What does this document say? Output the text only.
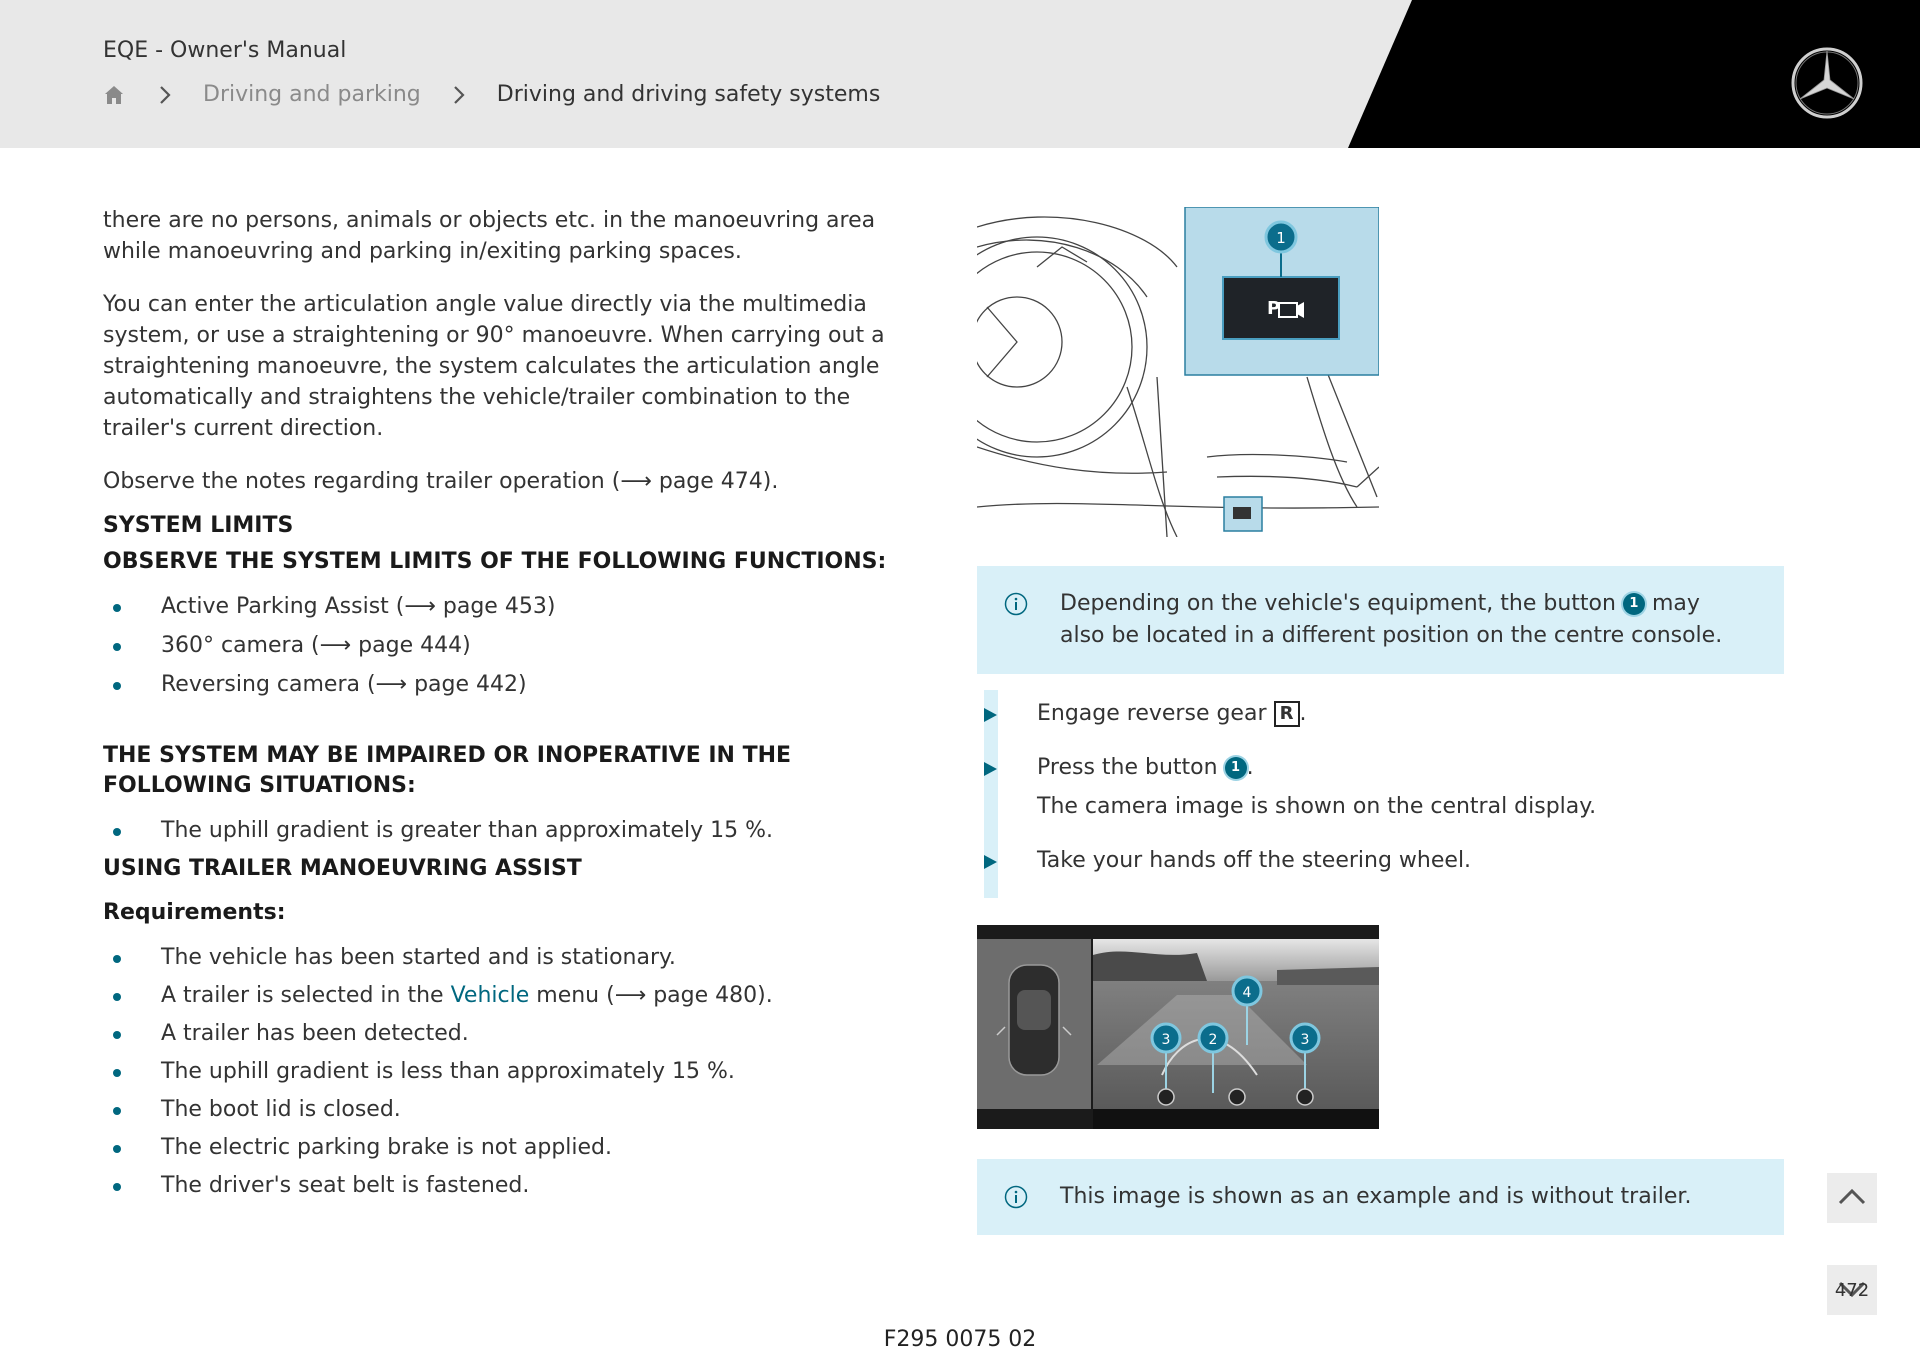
EQE - Owner's Manual
Driving and parking	Driving and driving safety systems

there are no persons, animals or objects etc. in the manoeuvring area while manoeuvring and parking in/exiting parking spaces.

You can enter the articulation angle value directly via the multimedia system, or use a straightening or 90° manoeuvre. When carrying out a straightening manoeuvre, the system calculates the articulation angle automatically and straightens the vehicle/trailer combination to the trailer's current direction.

Observe the notes regarding trailer operation (⟶ page 474).

SYSTEM LIMITS
OBSERVE THE SYSTEM LIMITS OF THE FOLLOWING FUNCTIONS:
Active Parking Assist (⟶ page 453)
360° camera (⟶ page 444)
Reversing camera (⟶ page 442)
THE SYSTEM MAY BE IMPAIRED OR INOPERATIVE IN THE FOLLOWING SITUATIONS:
The uphill gradient is greater than approximately 15 %.
USING TRAILER MANOEUVRING ASSIST
Requirements:
The vehicle has been started and is stationary.
A trailer is selected in the Vehicle menu (⟶ page 480).
A trailer has been detected.
The uphill gradient is less than approximately 15 %.
The boot lid is closed.
The electric parking brake is not applied.
The driver's seat belt is fastened.
P
1
Depending on the vehicle's equipment, the button 1 may also be located in a different position on the centre console.
Engage reverse gear R .
Press the button 1 .
The camera image is shown on the central display.
Take your hands off the steering wheel.
4
3	2	3
This image is shown as an example and is without trailer.
472
F295 0075 02
